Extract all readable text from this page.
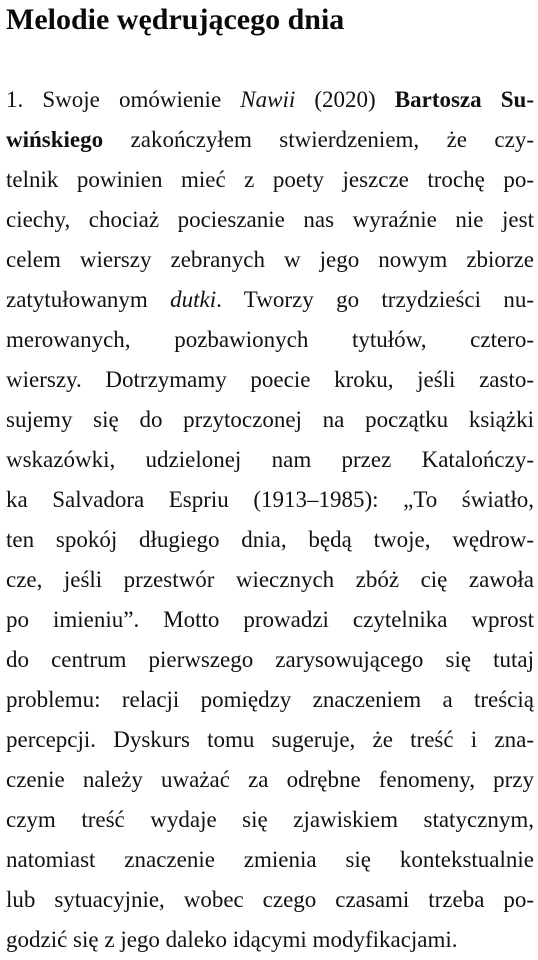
Melodie wędrującego dnia
1. Swoje omówienie Nawii (2020) Bartosza Su-
wińskiego zakończyłem stwierdzeniem, że czy-
telnik powinien mieć z poety jeszcze trochę po-
ciechy, chociaż pocieszanie nas wyraźnie nie jest
celem wierszy zebranych w jego nowym zbiorze
zatytułowanym dutki. Tworzy go trzydzieści nu-
merowanych, pozbawionych tytułów, cztero-
wierszy. Dotrzymamy poecie kroku, jeśli zasto-
sujemy się do przytoczonej na początku książki
wskazówki, udzielonej nam przez Katalończy-
ka Salvadora Espriu (1913–1985): „To światło,
ten spokój długiego dnia, będą twoje, wędrow-
cze, jeśli przestwór wiecznych zbóż cię zawoła
po imieniu”. Motto prowadzi czytelnika wprost
do centrum pierwszego zarysowującego się tutaj
problemu: relacji pomiędzy znaczeniem a treścią
percepcji. Dyskurs tomu sugeruje, że treść i zna-
czenie należy uważać za odrębne fenomeny, przy
czym treść wydaje się zjawiskiem statycznym,
natomiast znaczenie zmienia się kontekstualnie
lub sytuacyjnie, wobec czego czasami trzeba po-
godzić się z jego daleko idącymi modyfikacjami.
